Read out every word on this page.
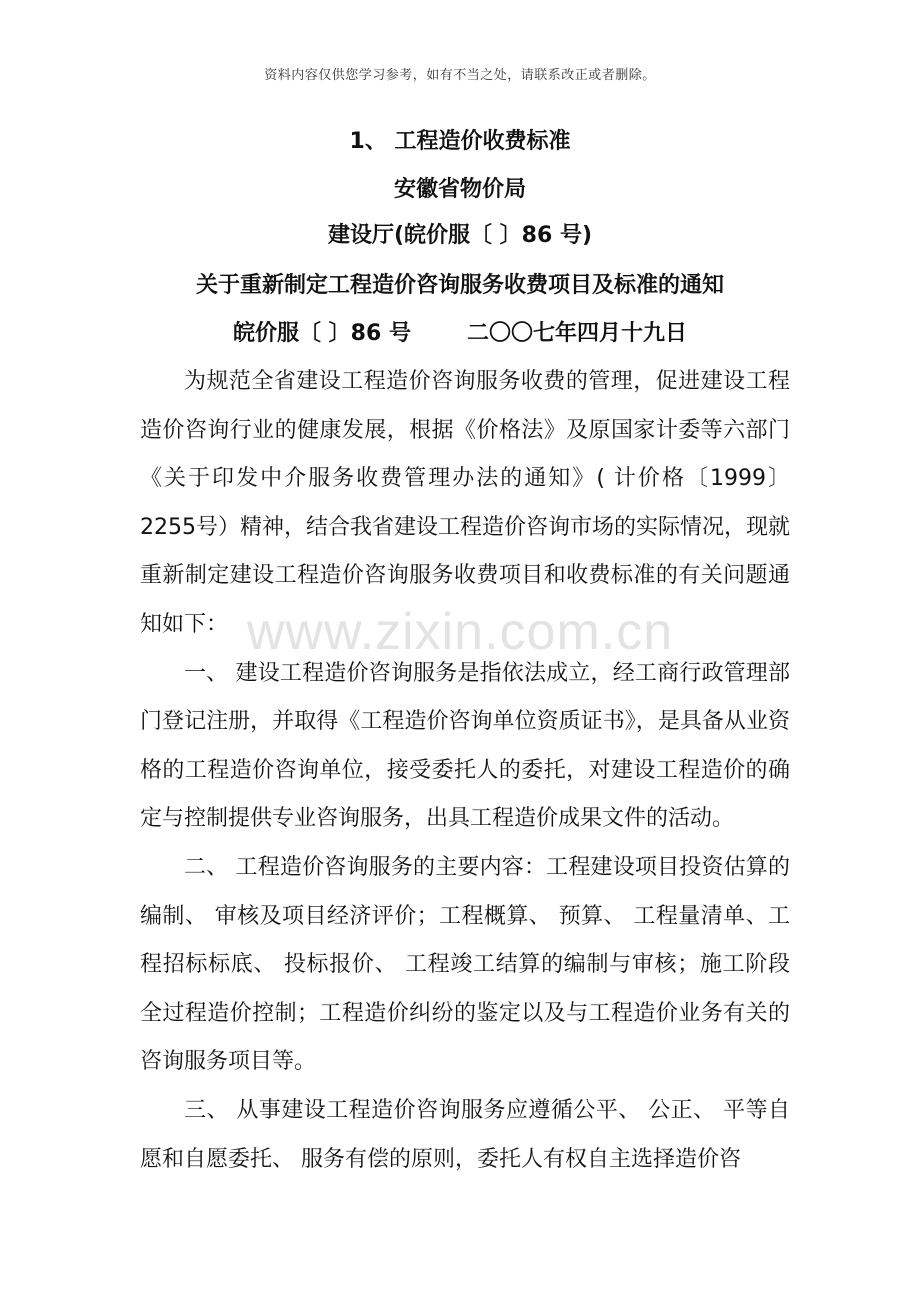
资料内容仅供您学习参考，如有不当之处，请联系改正或者删除。
www.zixin.com.cn
1、 工程造价收费标准
安徽省物价局
建设厅(皖价服〔 〕86 号)
关于重新制定工程造价咨询服务收费项目及标准的通知
皖价服〔 〕86 号	二〇〇七年四月十九日

为规范全省建设工程造价咨询服务收费的管理，促进建设工程造价咨询行业的健康发展，根据《价格法》及原国家计委等六部门《关于印发中介服务收费管理办法的通知》( 计价格〔1999〕2255号）精神，结合我省建设工程造价咨询市场的实际情况，现就重新制定建设工程造价咨询服务收费项目和收费标准的有关问题通知如下：

一、 建设工程造价咨询服务是指依法成立，经工商行政管理部门登记注册，并取得《工程造价咨询单位资质证书》，是具备从业资格的工程造价咨询单位，接受委托人的委托，对建设工程造价的确定与控制提供专业咨询服务，出具工程造价成果文件的活动。

二、 工程造价咨询服务的主要内容：工程建设项目投资估算的编制、 审核及项目经济评价；工程概算、 预算、 工程量清单、工程招标标底、 投标报价、 工程竣工结算的编制与审核；施工阶段全过程造价控制；工程造价纠纷的鉴定以及与工程造价业务有关的咨询服务项目等。

三、 从事建设工程造价咨询服务应遵循公平、 公正、 平等自愿和自愿委托、 服务有偿的原则，委托人有权自主选择造价咨
